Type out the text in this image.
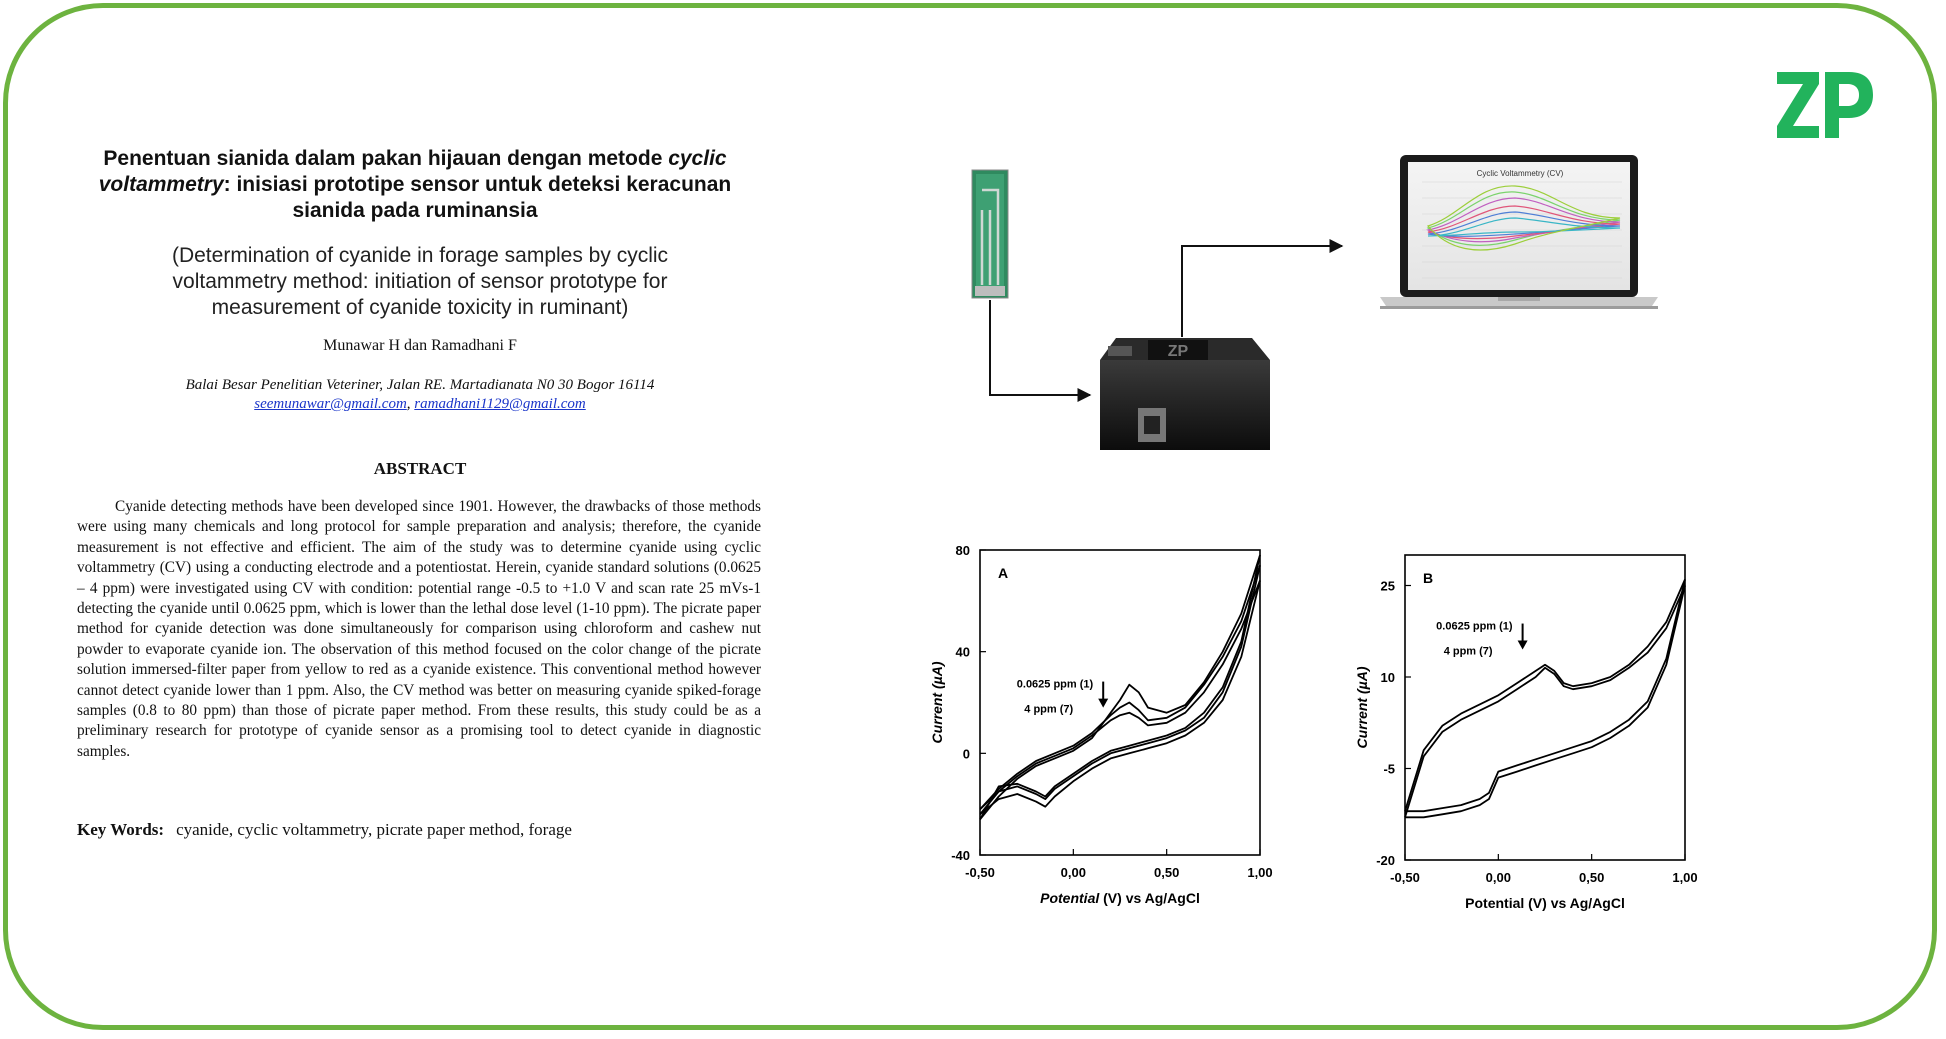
Penentuan sianida dalam pakan hijauan dengan metode cyclic voltammetry: inisiasi prototipe sensor untuk deteksi keracunan sianida pada ruminansia
(Determination of cyanide in forage samples by cyclic voltammetry method: initiation of sensor prototype for measurement of cyanide toxicity in ruminant)
Munawar H dan Ramadhani F
Balai Besar Penelitian Veteriner, Jalan RE. Martadianata N0 30 Bogor 16114
seemunawar@gmail.com, ramadhani1129@gmail.com
ABSTRACT
Cyanide detecting methods have been developed since 1901. However, the drawbacks of those methods were using many chemicals and long protocol for sample preparation and analysis; therefore, the cyanide measurement is not effective and efficient. The aim of the study was to determine cyanide using cyclic voltammetry (CV) using a conducting electrode and a potentiostat. Herein, cyanide standard solutions (0.0625 – 4 ppm) were investigated using CV with condition: potential range -0.5 to +1.0 V and scan rate 25 mVs-1 detecting the cyanide until 0.0625 ppm, which is lower than the lethal dose level (1-10 ppm). The picrate paper method for cyanide detection was done simultaneously for comparison using chloroform and cashew nut powder to evaporate cyanide ion. The observation of this method focused on the color change of the picrate solution immersed-filter paper from yellow to red as a cyanide existence. This conventional method however cannot detect cyanide lower than 1 ppm. Also, the CV method was better on measuring cyanide spiked-forage samples (0.8 to 80 ppm) than those of picrate paper method. From these results, this study could be as a preliminary research for prototype of cyanide sensor as a promising tool to detect cyanide in diagnostic samples.
Key Words: cyanide, cyclic voltammetry, picrate paper method, forage
ZP
Cyclic Voltammetry (CV)
-0,50	0,00	0,50	1,00
-40
0
40
80
A
0.0625 ppm (1)
4 ppm (7)
Potential (V) vs Ag/AgCl
Current (µA)
-0,50	0,00	0,50	1,00
-20
-5
10
25 B
0.0625 ppm (1)
4 ppm (7)
Potential (V) vs Ag/AgCl
Current (µA)
